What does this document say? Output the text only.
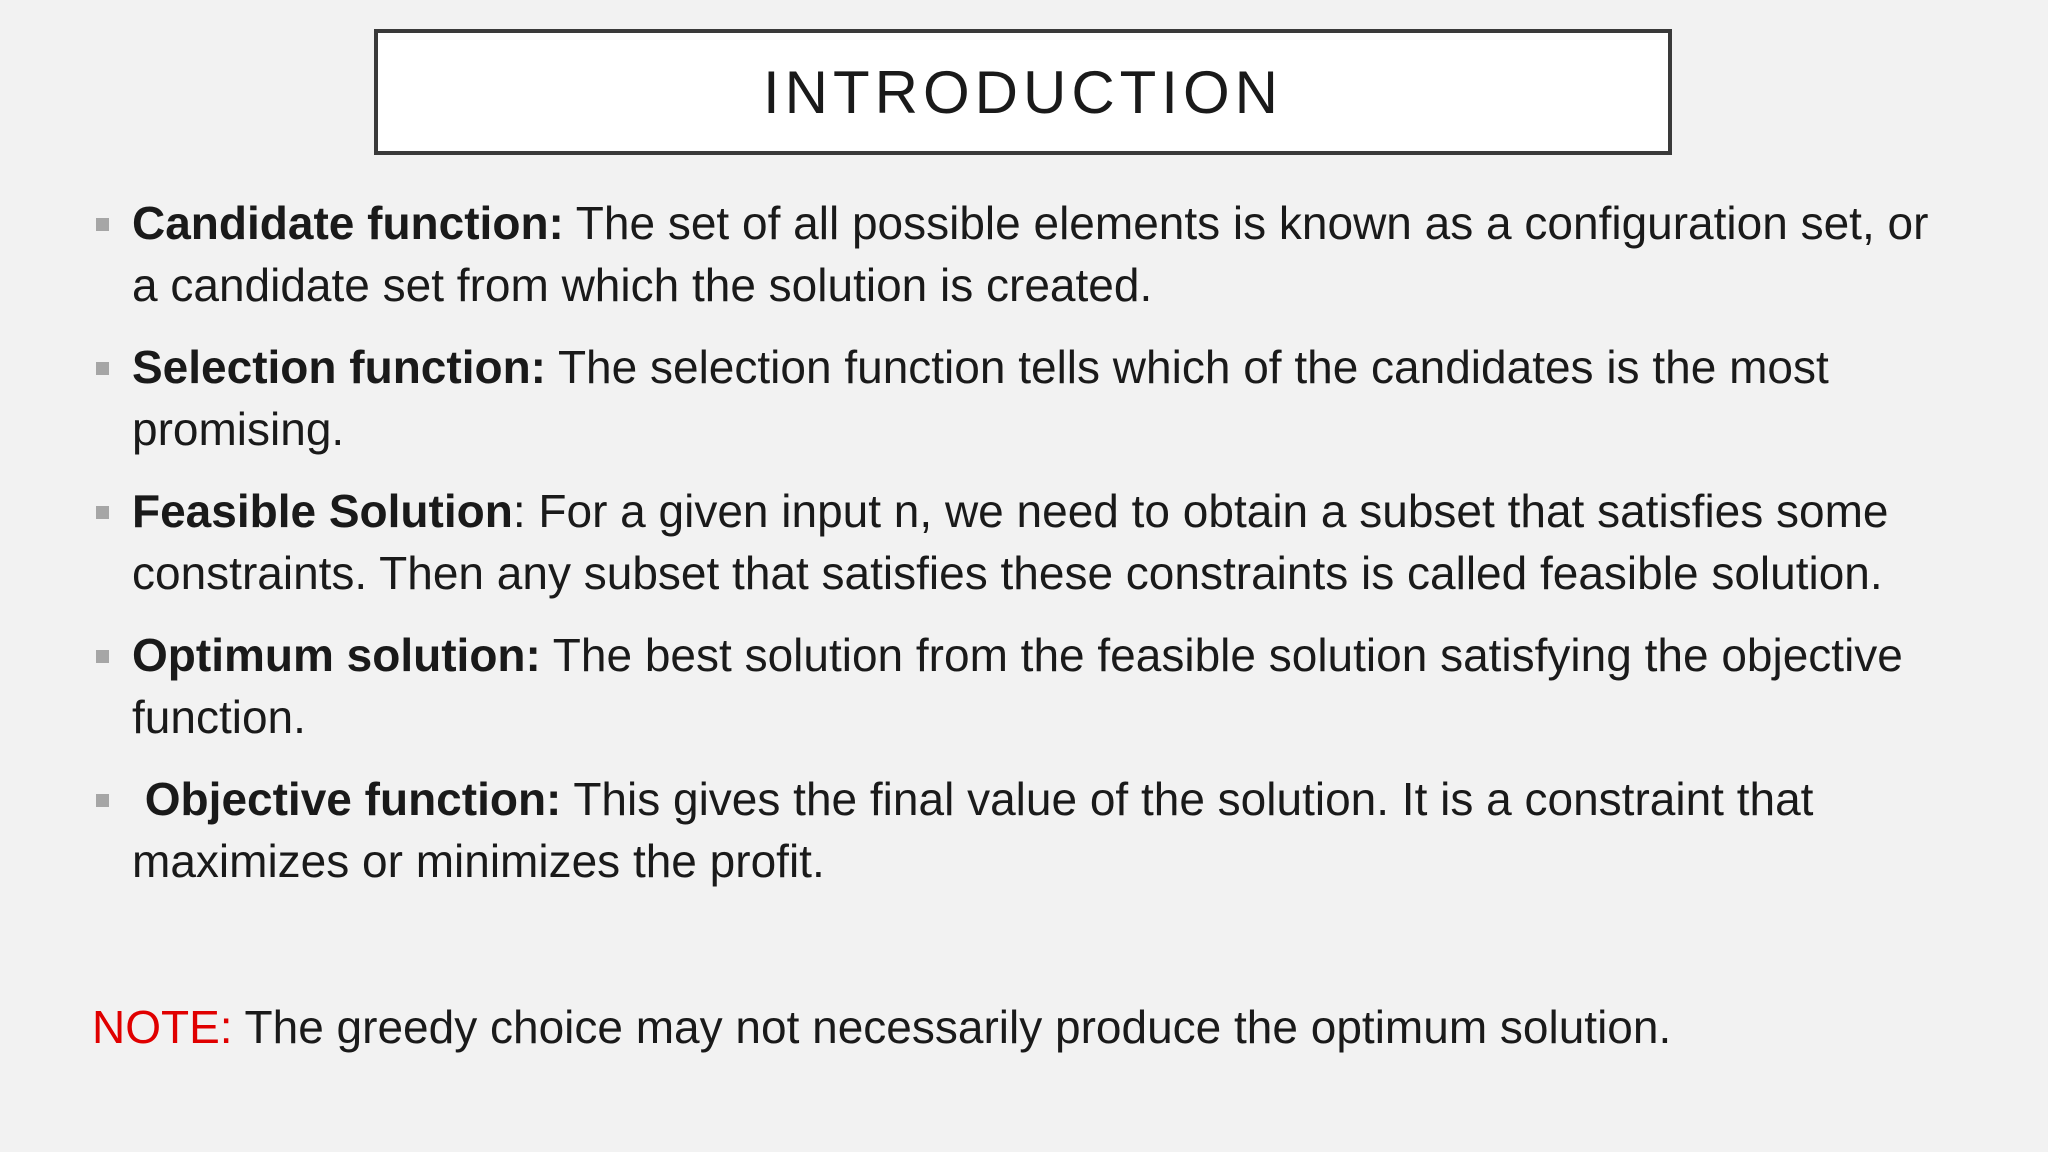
INTRODUCTION
Candidate function: The set of all possible elements is known as a configuration set, or a candidate set from which the solution is created.
Selection function: The selection function tells which of the candidates is the most promising.
Feasible Solution: For a given input n, we need to obtain a subset that satisfies some constraints. Then any subset that satisfies these constraints is called feasible solution.
Optimum solution: The best solution from the feasible solution satisfying the objective function.
Objective function: This gives the final value of the solution. It is a constraint that maximizes or minimizes the profit.
NOTE: The greedy choice may not necessarily produce the optimum solution.
